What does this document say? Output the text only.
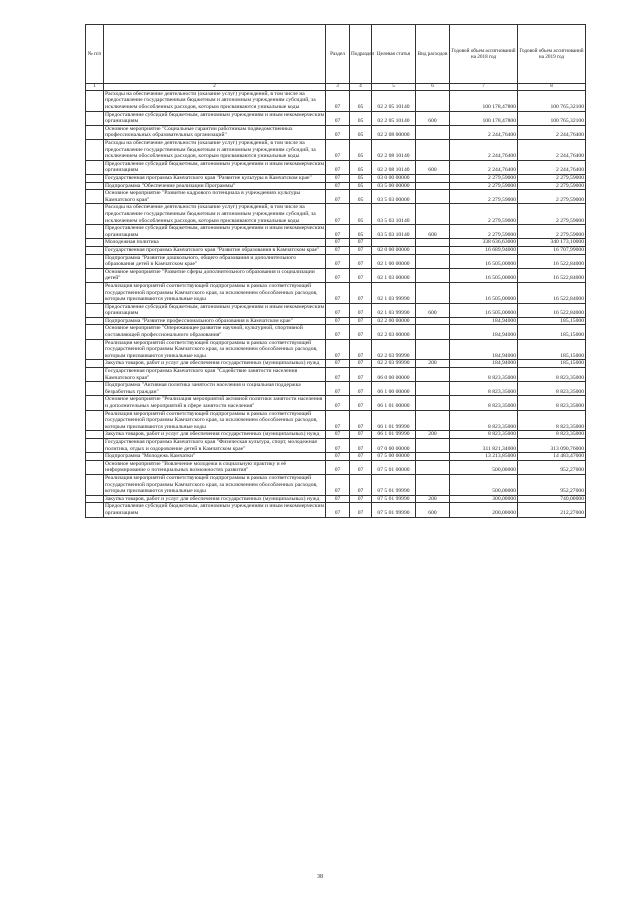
№ п/п		Раздел	Подраздел	Целевая статья	Вид расходов	Годовой объем ассигнований на 2018 год	Годовой объем ассигнований на 2019 год
1	2	3	4	5	6	7	8
	Расходы на обеспечение деятельности (оказание услуг) учреждений, в том числе на предоставление государственным бюджетным и автономным учреждениям субсидий, за исключением обособленных расходов, которым присваиваются уникальные коды	07	05	02 2 05 10140		100 178,47800	100 765,32100
	Предоставление субсидий бюджетным, автономным учреждениям и иным некоммерческим организациям	07	05	02 2 05 10140	600	100 178,47800	100 765,32100
	Основное мероприятие "Социальные гарантии работникам подведомственных профессиональных образовательных организаций"	07	05	02 2 08 00000		2 244,76400	2 244,76400
	Расходы на обеспечение деятельности (оказание услуг) учреждений, в том числе на предоставление государственным бюджетным и автономным учреждениям субсидий, за исключением обособленных расходов, которым присваиваются уникальные коды	07	05	02 2 08 10140		2 244,76400	2 244,76400
	Предоставление субсидий бюджетным, автономным учреждениям и иным некоммерческим организациям	07	05	02 2 08 10140	600	2 244,76400	2 244,76400
	Государственная программа Камчатского края "Развитие культуры в Камчатском крае"	07	05	03 0 00 00000		2 279,59000	2 279,59000
	Подпрограмма "Обеспечение реализации Программы"	07	05	03 5 00 00000		2 279,59000	2 279,59000
	Основное мероприятие "Развитие кадрового потенциала в учреждениях культуры Камчатского края"	07	05	03 5 03 00000		2 279,59000	2 279,59000
	Расходы на обеспечение деятельности (оказание услуг) учреждений, в том числе на предоставление государственным бюджетным и автономным учреждениям субсидий, за исключением обособленных расходов, которым присваиваются уникальные коды	07	05	03 5 03 10140		2 279,59000	2 279,59000
	Предоставление субсидий бюджетным, автономным учреждениям и иным некоммерческим организациям	07	05	03 5 03 10140	600	2 279,59000	2 279,59000
	Молодежная политика	07	07			338 636,63000	340 173,10000
	Государственная программа Камчатского края "Развитие образования в Камчатском крае"	07	07	02 0 00 00000		16 689,94000	16 707,99000
	Подпрограмма "Развитие дошкольного, общего образования и дополнительного образования детей в Камчатском крае"	07	07	02 1 00 00000		16 505,00000	16 522,84000
	Основное мероприятие "Развитие сферы дополнительного образования и социализации детей"	07	07	02 1 03 00000		16 505,00000	16 522,84000
	Реализация мероприятий соответствующей подпрограммы в рамках соответствующей государственной программы Камчатского края, за исключением обособленных расходов, которым присваиваются уникальные коды	07	07	02 1 03 99990		16 505,00000	16 522,84000
	Предоставление субсидий бюджетным, автономным учреждениям и иным некоммерческим организациям	07	07	02 1 03 99990	600	16 505,00000	16 522,84000
	Подпрограмма "Развитие профессионального образования в Камчатском крае"	07	07	02 2 00 00000		184,94000	185,15000
	Основное мероприятие "Опережающее развитие научной, культурной, спортивной составляющей профессионального образования"	07	07	02 2 03 00000		184,94000	185,15000
	Реализация мероприятий соответствующей подпрограммы в рамках соответствующей государственной программы Камчатского края, за исключением обособленных расходов, которым присваиваются уникальные коды	07	07	02 2 03 99990		184,94000	185,15000
	Закупка товаров, работ и услуг для обеспечения государственных (муниципальных) нужд	07	07	02 2 03 99990	200	184,94000	185,15000
	Государственная программа Камчатского края "Содействие занятости населения Камчатского края"	07	07	06 0 00 00000		8 823,35000	8 823,35000
	Подпрограмма "Активная политика занятости населения и социальная поддержка безработных граждан"	07	07	06 1 00 00000		8 823,35000	8 823,35000
	Основное мероприятие "Реализация мероприятий активной политики занятости населения и дополнительных мероприятий в сфере занятости населения"	07	07	06 1 01 00000		8 823,35000	8 823,35000
	Реализация мероприятий соответствующей подпрограммы в рамках соответствующей государственной программы Камчатского края, за исключением обособленных расходов, которым присваиваются уникальные коды	07	07	06 1 01 99990		8 823,35000	8 823,35000
	Закупка товаров, работ и услуг для обеспечения государственных (муниципальных) нужд	07	07	06 1 01 99990	200	8 823,35000	8 823,35000
	Государственная программа Камчатского края "Физическая культура, спорт, молодежная политика, отдых и оздоровление детей в Камчатском крае"	07	07	07 0 00 00000		311 821,34000	313 090,76000
	Подпрограмма "Молодежь Камчатки"	07	07	07 5 00 00000		13 213,85000	14 483,47000
	Основное мероприятие "Вовлечение молодежи в социальную практику и её информирование о потенциальных возможностях развития"	07	07	07 5 01 00000		500,00000	952,27000
	Реализация мероприятий соответствующей подпрограммы в рамках соответствующей государственной программы Камчатского края, за исключением обособленных расходов, которым присваиваются уникальные коды	07	07	07 5 01 99990		500,00000	952,27000
	Закупка товаров, работ и услуг для обеспечения государственных (муниципальных) нужд	07	07	07 5 01 99990	200	300,00000	740,00000
	Предоставление субсидий бюджетным, автономным учреждениям и иным некоммерческим организациям	07	07	07 5 01 99990	600	200,00000	212,27000
38
